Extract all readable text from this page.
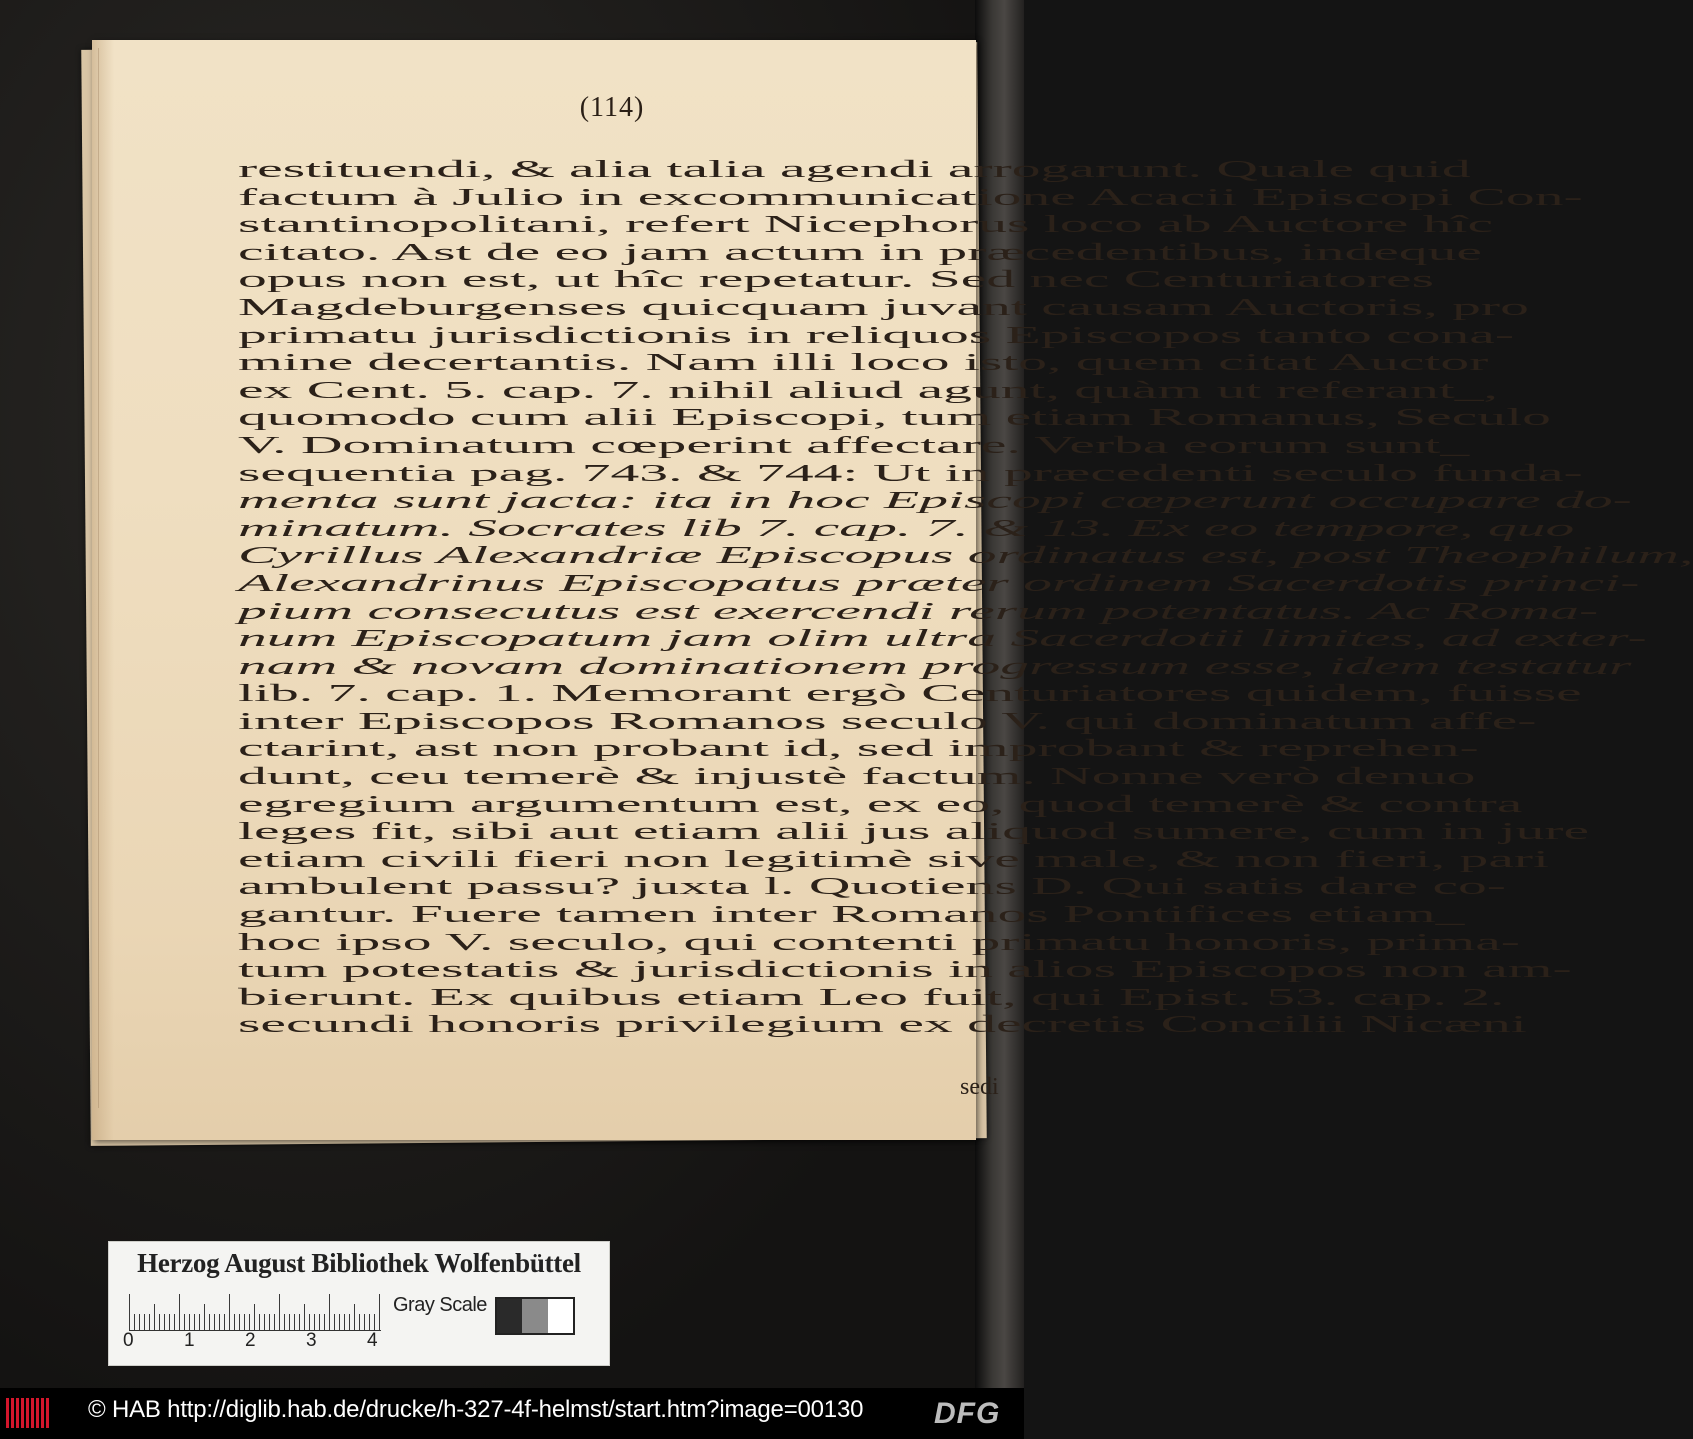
(114)
restituendi, & alia talia agendi arrogarunt. Quale quid
factum à Julio in excommunicatione Acacii Episcopi Con-
stantinopolitani, refert Nicephorus loco ab Auctore hîc
citato. Ast de eo jam actum in præcedentibus, indeque
opus non est, ut hîc repetatur. Sed nec Centuriatores
Magdeburgenses quicquam juvant causam Auctoris, pro
primatu jurisdictionis in reliquos Episcopos tanto cona-
mine decertantis. Nam illi loco isto, quem citat Auctor
ex Cent. 5. cap. 7. nihil aliud agunt, quàm ut referant_,
quomodo cum alii Episcopi, tum etiam Romanus, Seculo
V. Dominatum cœperint affectare. Verba eorum sunt_
sequentia pag. 743. & 744: Ut in præcedenti seculo funda-
menta sunt jacta: ita in hoc Episcopi cœperunt occupare do-
minatum. Socrates lib 7. cap. 7. & 13. Ex eo tempore, quo
Cyrillus Alexandriæ Episcopus ordinatus est, post Theophilum,
Alexandrinus Episcopatus præter ordinem Sacerdotis princi-
pium consecutus est exercendi rerum potentatus. Ac Roma-
num Episcopatum jam olim ultra Sacerdotii limites, ad exter-
nam & novam dominationem progressum esse, idem testatur
lib. 7. cap. 1. Memorant ergò Centuriatores quidem, fuisse
inter Episcopos Romanos seculo V. qui dominatum affe-
ctarint, ast non probant id, sed improbant & reprehen-
dunt, ceu temerè & injustè factum. Nonne verò denuo
egregium argumentum est, ex eo, quod temerè & contra
leges fit, sibi aut etiam alii jus aliquod sumere, cum in jure
etiam civili fieri non legitimè sive male, & non fieri, pari
ambulent passu? juxta l. Quotiens D. Qui satis dare co-
gantur. Fuere tamen inter Romanos Pontifices etiam_
hoc ipso V. seculo, qui contenti primatu honoris, prima-
tum potestatis & jurisdictionis in alios Episcopos non am-
bierunt. Ex quibus etiam Leo fuit, qui Epist. 53. cap. 2.
secundi honoris privilegium ex decretis Concilii Nicæni
sedi
Herzog August Bibliothek Wolfenbüttel
0	1	2	3	4
Gray Scale
© HAB http://diglib.hab.de/drucke/h-327-4f-helmst/start.htm?image=00130 DFG
